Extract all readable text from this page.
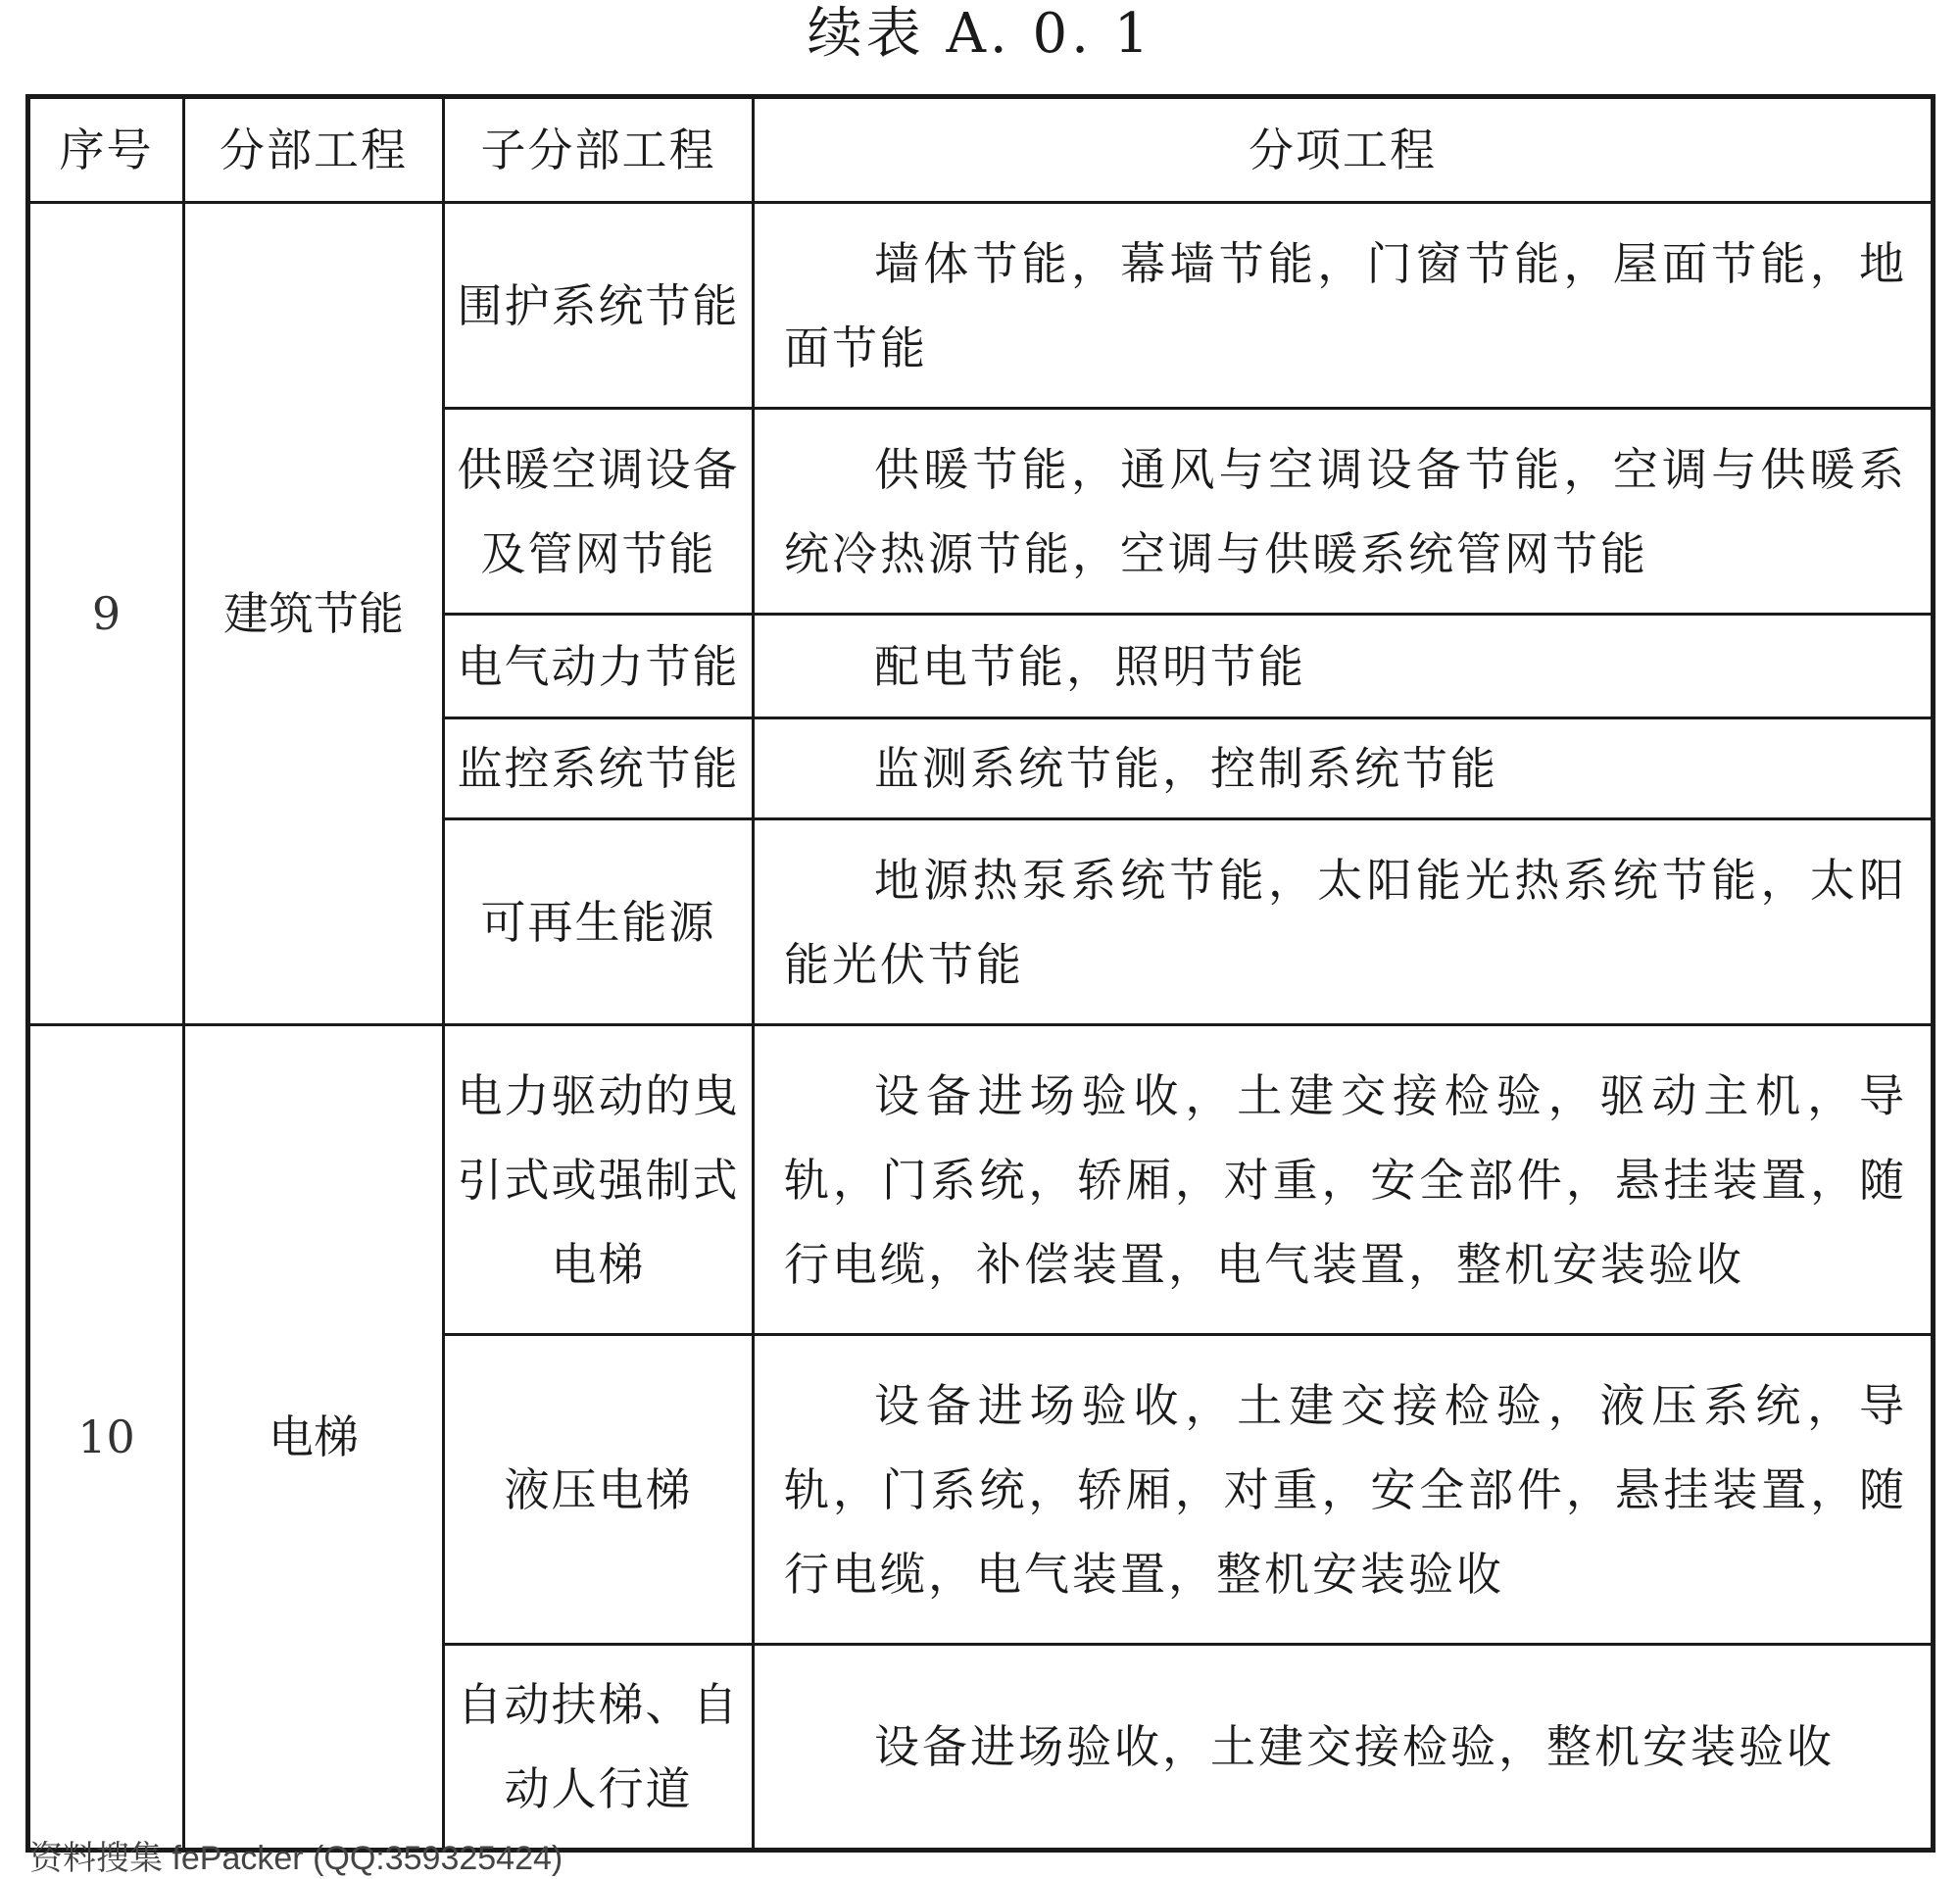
续表 A. 0. 1
序号	分部工程	子分部工程	分项工程
9	建筑节能	围护系统节能	墙体节能，幕墙节能，门窗节能，屋面节能，地面节能
		供暖空调设备及管网节能	供暖节能，通风与空调设备节能，空调与供暖系统冷热源节能，空调与供暖系统管网节能
		电气动力节能	配电节能，照明节能
		监控系统节能	监测系统节能，控制系统节能
		可再生能源	地源热泵系统节能，太阳能光热系统节能，太阳能光伏节能
10	电梯	电力驱动的曳引式或强制式电梯	设备进场验收，土建交接检验，驱动主机，导轨，门系统，轿厢，对重，安全部件，悬挂装置，随行电缆，补偿装置，电气装置，整机安装验收
		液压电梯	设备进场验收，土建交接检验，液压系统，导轨，门系统，轿厢，对重，安全部件，悬挂装置，随行电缆，电气装置，整机安装验收
		自动扶梯、自动人行道	设备进场验收，土建交接检验，整机安装验收
资料搜集 fePacker (QQ:359325424)
